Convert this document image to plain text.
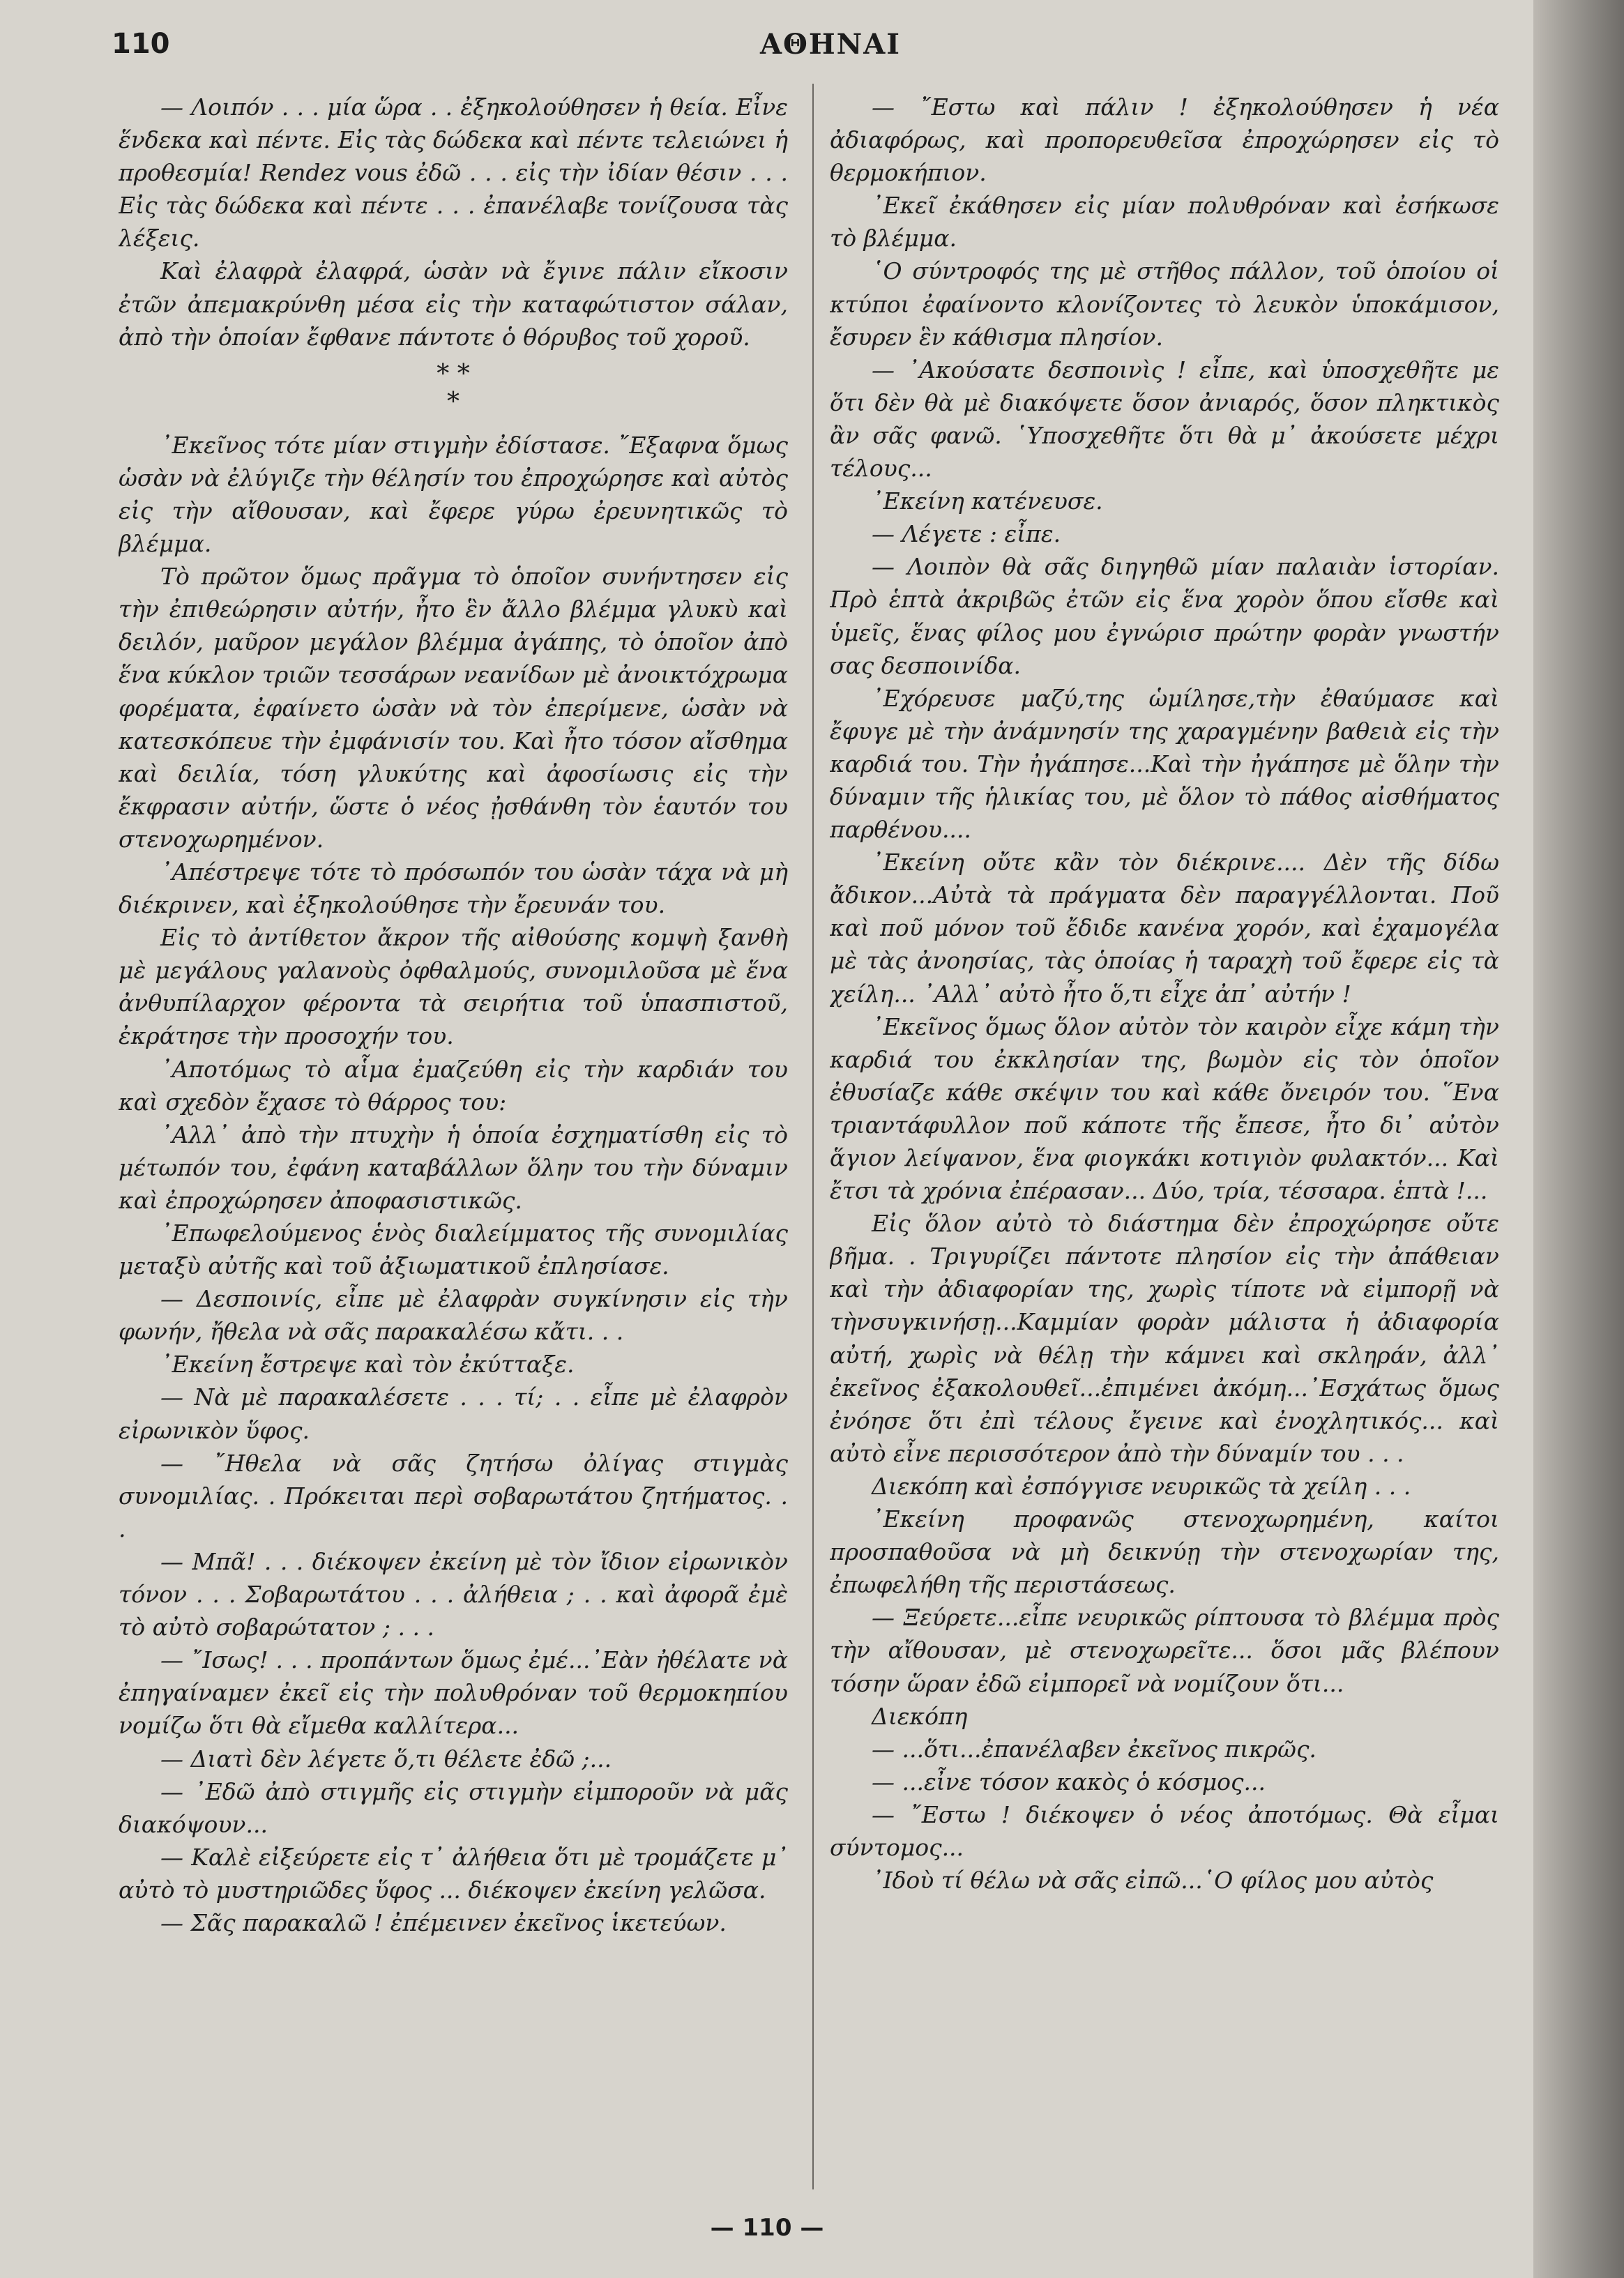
110	ΑΘΗΝΑΙ

— Λοιπόν . . . μία ὥρα . . ἐξηκολούθησεν ἡ θεία. Εἶνε ἕνδεκα καὶ πέντε. Εἰς τὰς δώδεκα καὶ πέντε τελειώνει ἡ προθεσμία! Rendez vous ἐδῶ . . . εἰς τὴν ἰδίαν θέσιν . . . Εἰς τὰς δώδεκα καὶ πέντε . . . ἐπανέλαβε τονίζουσα τὰς λέξεις.

Καὶ ἐλαφρὰ ἐλαφρά, ὡσὰν νὰ ἔγινε πάλιν εἴκοσιν ἐτῶν ἀπεμακρύνθη μέσα εἰς τὴν καταφώτιστον σάλαν, ἀπὸ τὴν ὁποίαν ἔφθανε πάντοτε ὁ θόρυβος τοῦ χοροῦ.

* *
*

᾿Εκεῖνος τότε μίαν στιγμὴν ἐδίστασε. ῎Εξαφνα ὅμως ὡσὰν νὰ ἐλύγιζε τὴν θέλησίν του ἐπροχώρησε καὶ αὐτὸς εἰς τὴν αἴθουσαν, καὶ ἔφερε γύρω ἐρευνητικῶς τὸ βλέμμα.

Τὸ πρῶτον ὅμως πρᾶγμα τὸ ὁποῖον συνήντησεν εἰς τὴν ἐπιθεώρησιν αὐτήν, ἦτο ἓν ἄλλο βλέμμα γλυκὺ καὶ δειλόν, μαῦρον μεγάλον βλέμμα ἀγάπης, τὸ ὁποῖον ἀπὸ ἕνα κύκλον τριῶν τεσσάρων νεανίδων μὲ ἀνοικτόχρωμα φορέματα, ἐφαίνετο ὡσὰν νὰ τὸν ἐπερίμενε, ὡσὰν νὰ κατεσκόπευε τὴν ἐμφάνισίν του. Καὶ ἦτο τόσον αἴσθημα καὶ δειλία, τόση γλυκύτης καὶ ἀφοσίωσις εἰς τὴν ἔκφρασιν αὐτήν, ὥστε ὁ νέος ᾐσθάνθη τὸν ἑαυτόν του στενοχωρημένον.

᾿Απέστρεψε τότε τὸ πρόσωπόν του ὡσὰν τάχα νὰ μὴ διέκρινεν, καὶ ἐξηκολούθησε τὴν ἔρευνάν του.

Εἰς τὸ ἀντίθετον ἄκρον τῆς αἰθούσης κομψὴ ξανθὴ μὲ μεγάλους γαλανοὺς ὀφθαλμούς, συνομιλοῦσα μὲ ἕνα ἀνθυπίλαρχον φέροντα τὰ σειρήτια τοῦ ὑπασπιστοῦ, ἐκράτησε τὴν προσοχήν του.

᾿Αποτόμως τὸ αἷμα ἐμαζεύθη εἰς τὴν καρδιάν του καὶ σχεδὸν ἔχασε τὸ θάρρος του:

᾿Αλλ᾿ ἀπὸ τὴν πτυχὴν ἡ ὁποία ἐσχηματίσθη εἰς τὸ μέτωπόν του, ἐφάνη καταβάλλων ὅλην του τὴν δύναμιν καὶ ἐπροχώρησεν ἀποφασιστικῶς.

᾿Επωφελούμενος ἑνὸς διαλείμματος τῆς συνομιλίας μεταξὺ αὐτῆς καὶ τοῦ ἀξιωματικοῦ ἐπλησίασε.

— Δεσποινίς, εἶπε μὲ ἐλαφρὰν συγκίνησιν εἰς τὴν φωνήν, ἤθελα νὰ σᾶς παρακαλέσω κἄτι. . .

᾿Εκείνη ἔστρεψε καὶ τὸν ἐκύτταξε.

— Νὰ μὲ παρακαλέσετε . . . τί; . . εἶπε μὲ ἐλαφρὸν εἰρωνικὸν ὕφος.

— ῎Ηθελα νὰ σᾶς ζητήσω ὀλίγας στιγμὰς συνομιλίας. . Πρόκειται περὶ σοβαρωτάτου ζητήματος. . .

— Μπᾶ! . . . διέκοψεν ἐκείνη μὲ τὸν ἴδιον εἰρωνικὸν τόνον . . . Σοβαρωτάτου . . . ἀλήθεια ; . . καὶ ἀφορᾶ ἐμὲ τὸ αὐτὸ σοβαρώτατον ; . . .

— ῎Ισως! . . . προπάντων ὅμως ἐμέ...᾿Εὰν ἠθέλατε νὰ ἐπηγαίναμεν ἐκεῖ εἰς τὴν πολυθρόναν τοῦ θερμοκηπίου νομίζω ὅτι θὰ εἴμεθα καλλίτερα...

— Διατὶ δὲν λέγετε ὅ,τι θέλετε ἐδῶ ;...

— ᾿Εδῶ ἀπὸ στιγμῆς εἰς στιγμὴν εἰμποροῦν νὰ μᾶς διακόψουν...

— Καλὲ εἰξεύρετε εἰς τ᾿ ἀλήθεια ὅτι μὲ τρομάζετε μ᾿ αὐτὸ τὸ μυστηριῶδες ὕφος ... διέκοψεν ἐκείνη γελῶσα.

— Σᾶς παρακαλῶ ! ἐπέμεινεν ἐκεῖνος ἱκετεύων.

— ῎Εστω καὶ πάλιν ! ἐξηκολούθησεν ἡ νέα ἀδιαφόρως, καὶ προπορευθεῖσα ἐπροχώρησεν εἰς τὸ θερμοκήπιον.

᾿Εκεῖ ἐκάθησεν εἰς μίαν πολυθρόναν καὶ ἐσήκωσε τὸ βλέμμα.

῾Ο σύντροφός της μὲ στῆθος πάλλον, τοῦ ὁποίου οἱ κτύποι ἐφαίνοντο κλονίζοντες τὸ λευκὸν ὑποκάμισον, ἔσυρεν ἓν κάθισμα πλησίον.

— ᾿Ακούσατε δεσποινὶς ! εἶπε, καὶ ὑποσχεθῆτε με ὅτι δὲν θὰ μὲ διακόψετε ὅσον ἀνιαρός, ὅσον πληκτικὸς ἂν σᾶς φανῶ. ῾Υποσχεθῆτε ὅτι θὰ μ᾿ ἀκούσετε μέχρι τέλους...

᾿Εκείνη κατένευσε.

— Λέγετε : εἶπε.

— Λοιπὸν θὰ σᾶς διηγηθῶ μίαν παλαιὰν ἱστορίαν. Πρὸ ἑπτὰ ἀκριβῶς ἐτῶν εἰς ἕνα χορὸν ὅπου εἴσθε καὶ ὑμεῖς, ἕνας φίλος μου ἐγνώρισ πρώτην φορὰν γνωστήν σας δεσποινίδα.

᾿Εχόρευσε μαζύ,της ὡμίλησε,τὴν ἐθαύμασε καὶ ἔφυγε μὲ τὴν ἀνάμνησίν της χαραγμένην βαθειὰ εἰς τὴν καρδιά του. Τὴν ἠγάπησε...Καὶ τὴν ἠγάπησε μὲ ὅλην τὴν δύναμιν τῆς ἡλικίας του, μὲ ὅλον τὸ πάθος αἰσθήματος παρθένου....

᾿Εκείνη οὔτε κἂν τὸν διέκρινε.... Δὲν τῆς δίδω ἄδικον...Αὐτὰ τὰ πράγματα δὲν παραγγέλλονται. Ποῦ καὶ ποῦ μόνον τοῦ ἔδιδε κανένα χορόν, καὶ ἐχαμογέλα μὲ τὰς ἀνοησίας, τὰς ὁποίας ἡ ταραχὴ τοῦ ἔφερε εἰς τὰ χείλη... ᾿Αλλ᾿ αὐτὸ ἦτο ὅ,τι εἶχε ἀπ᾿ αὐτήν !

᾿Εκεῖνος ὅμως ὅλον αὐτὸν τὸν καιρὸν εἶχε κάμη τὴν καρδιά του ἐκκλησίαν της, βωμὸν εἰς τὸν ὁποῖον ἐθυσίαζε κάθε σκέψιν του καὶ κάθε ὄνειρόν του. ῞Ενα τριαντάφυλλον ποῦ κάποτε τῆς ἔπεσε, ἦτο δι᾿ αὐτὸν ἅγιον λείψανον, ἕνα φιογκάκι κοτιγιὸν φυλακτόν... Καὶ ἔτσι τὰ χρόνια ἐπέρασαν... Δύο, τρία, τέσσαρα. ἑπτὰ !...

Εἰς ὅλον αὐτὸ τὸ διάστημα δὲν ἐπροχώρησε οὔτε βῆμα. . Τριγυρίζει πάντοτε πλησίον εἰς τὴν ἀπάθειαν καὶ τὴν ἀδιαφορίαν της, χωρὶς τίποτε νὰ εἰμπορῇ νὰ τὴνσυγκινήσῃ...Καμμίαν φορὰν μάλιστα ἡ ἀδιαφορία αὐτή, χωρὶς νὰ θέλῃ τὴν κάμνει καὶ σκληράν, ἀλλ᾿ ἐκεῖνος ἐξακολουθεῖ...ἐπιμένει ἀκόμη...᾿Εσχάτως ὅμως ἐνόησε ὅτι ἐπὶ τέλους ἔγεινε καὶ ἐνοχλητικός... καὶ αὐτὸ εἶνε περισσότερον ἀπὸ τὴν δύναμίν του . . .

Διεκόπη καὶ ἐσπόγγισε νευρικῶς τὰ χείλη . . .

᾿Εκείνη προφανῶς στενοχωρημένη, καίτοι προσπαθοῦσα νὰ μὴ δεικνύῃ τὴν στενοχωρίαν της, ἐπωφελήθη τῆς περιστάσεως.

— Ξεύρετε...εἶπε νευρικῶς ρίπτουσα τὸ βλέμμα πρὸς τὴν αἴθουσαν, μὲ στενοχωρεῖτε... ὅσοι μᾶς βλέπουν τόσην ὥραν ἐδῶ εἰμπορεῖ νὰ νομίζουν ὅτι...

Διεκόπη

— ...ὅτι...ἐπανέλαβεν ἐκεῖνος πικρῶς.

— ...εἶνε τόσον κακὸς ὁ κόσμος...

— ῎Εστω ! διέκοψεν ὁ νέος ἀποτόμως. Θὰ εἶμαι σύντομος...

᾿Ιδοὺ τί θέλω νὰ σᾶς εἰπῶ...῾Ο φίλος μου αὐτὸς

— 110 —
